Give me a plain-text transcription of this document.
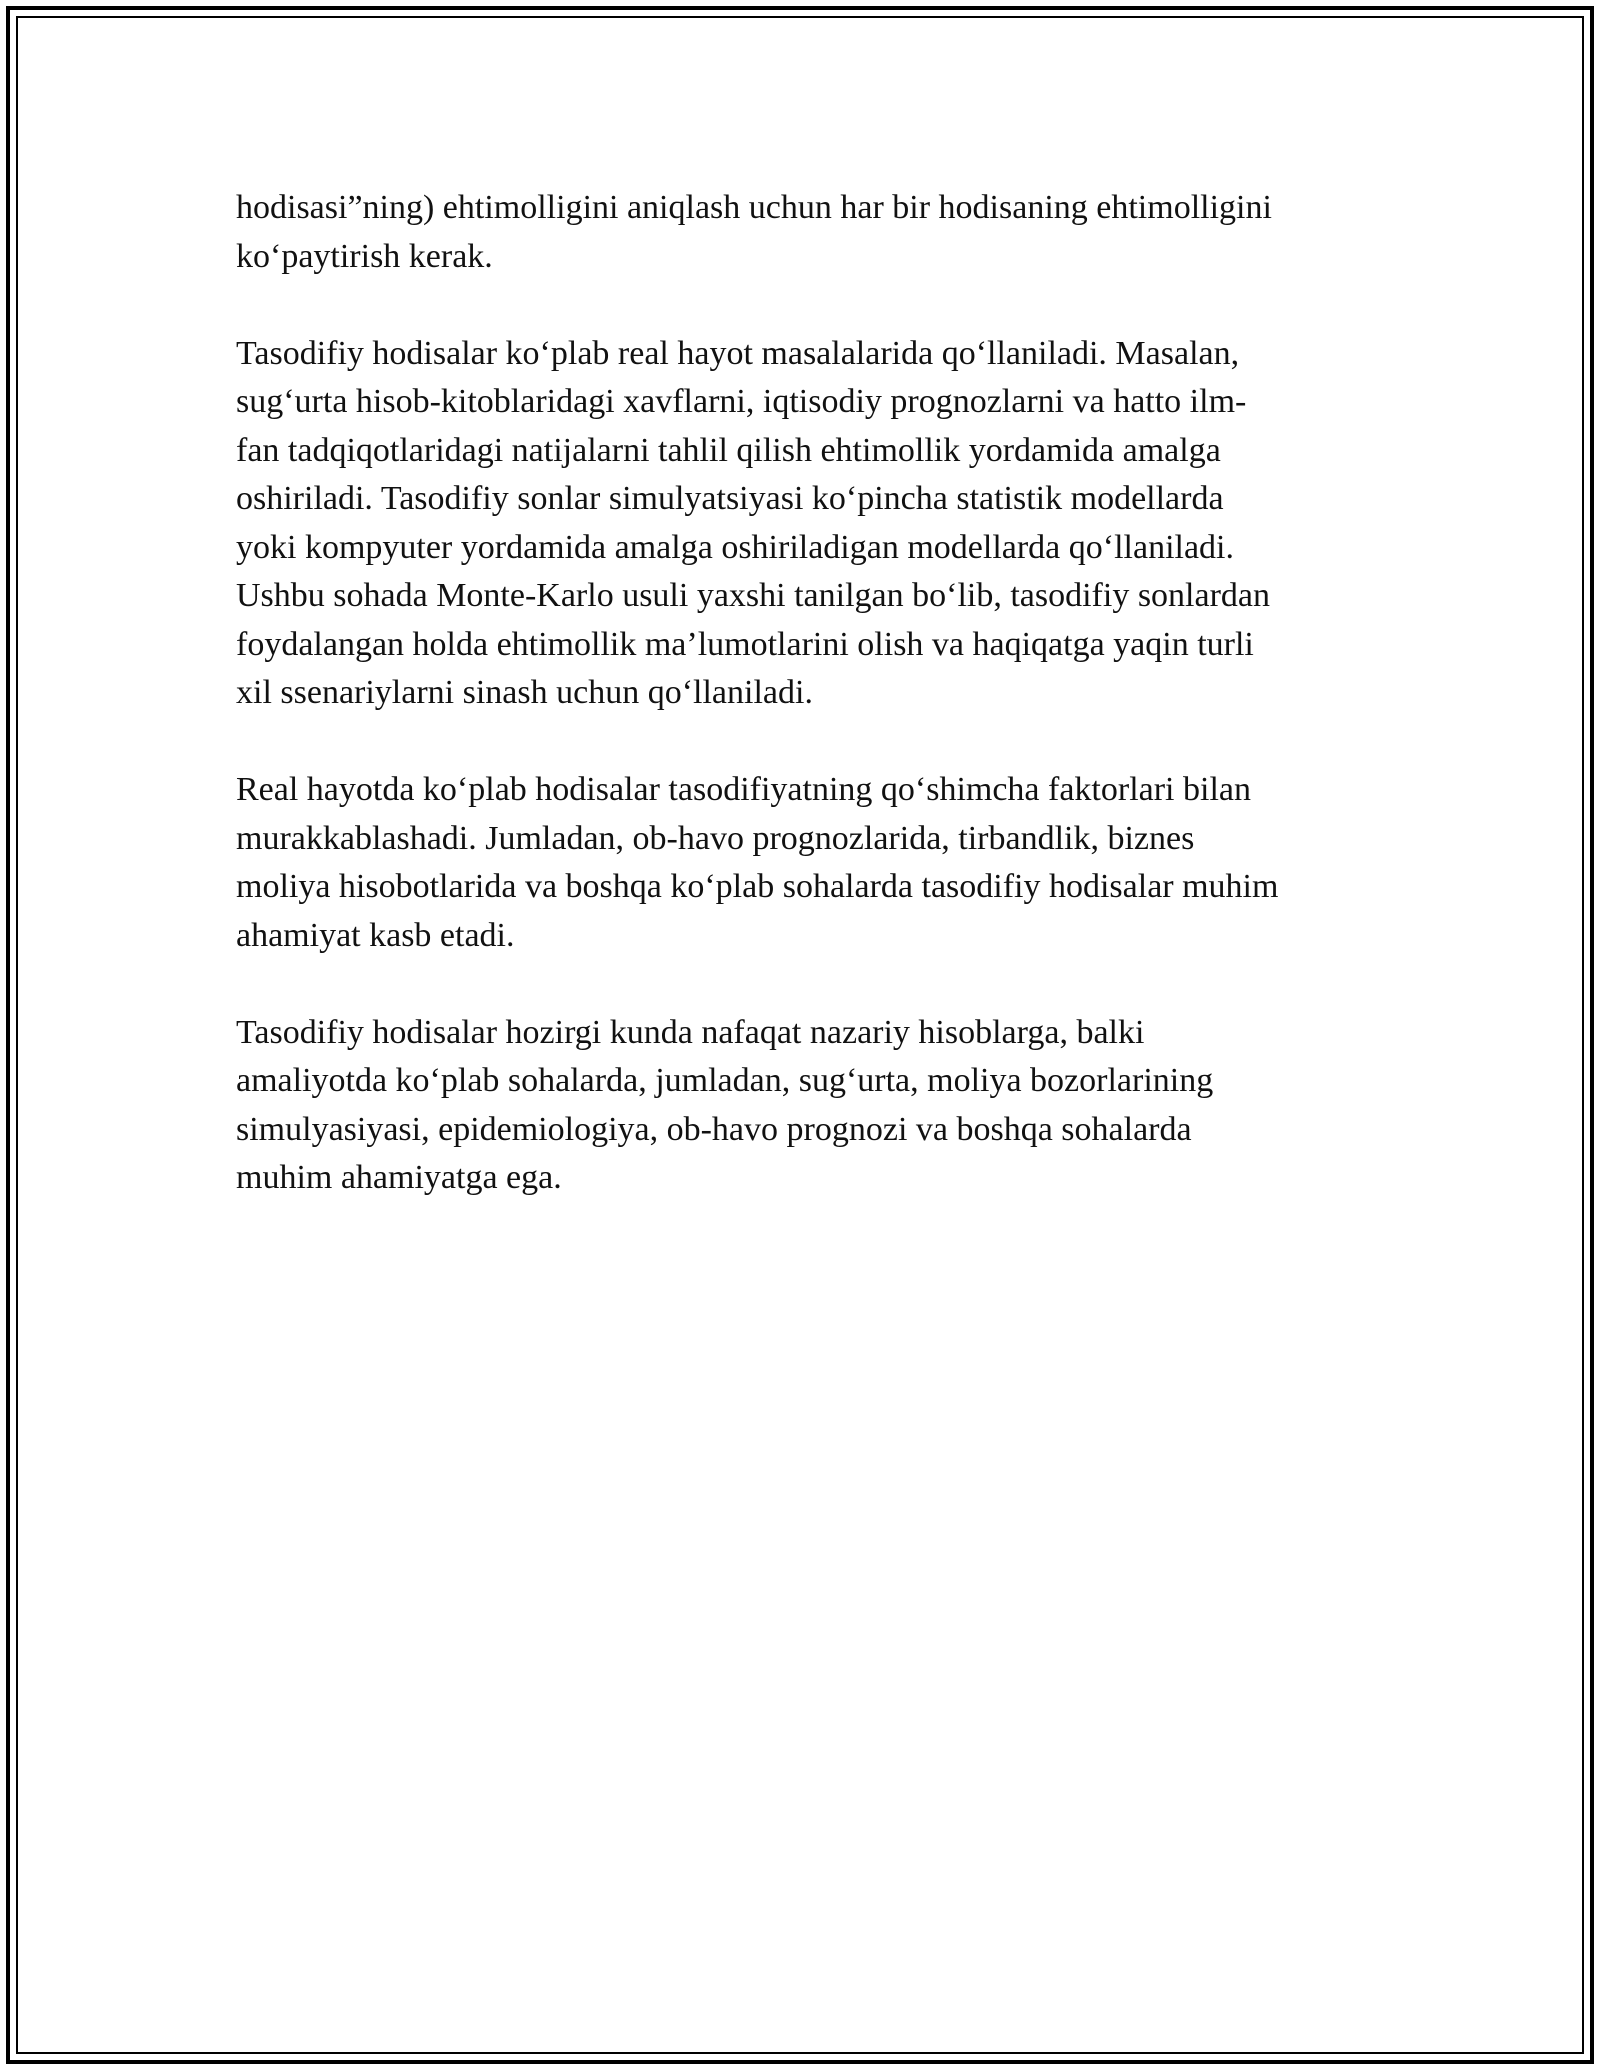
hodisasi”ning) ehtimolligini aniqlash uchun har bir hodisaning ehtimolligini
ko‘paytirish kerak.

Tasodifiy hodisalar ko‘plab real hayot masalalarida qo‘llaniladi. Masalan,
sug‘urta hisob-kitoblaridagi xavflarni, iqtisodiy prognozlarni va hatto ilm-
fan tadqiqotlaridagi natijalarni tahlil qilish ehtimollik yordamida amalga
oshiriladi. Tasodifiy sonlar simulyatsiyasi ko‘pincha statistik modellarda
yoki kompyuter yordamida amalga oshiriladigan modellarda qo‘llaniladi.
Ushbu sohada Monte-Karlo usuli yaxshi tanilgan bo‘lib, tasodifiy sonlardan
foydalangan holda ehtimollik ma’lumotlarini olish va haqiqatga yaqin turli
xil ssenariylarni sinash uchun qo‘llaniladi.

Real hayotda ko‘plab hodisalar tasodifiyatning qo‘shimcha faktorlari bilan
murakkablashadi. Jumladan, ob-havo prognozlarida, tirbandlik, biznes
moliya hisobotlarida va boshqa ko‘plab sohalarda tasodifiy hodisalar muhim
ahamiyat kasb etadi.

Tasodifiy hodisalar hozirgi kunda nafaqat nazariy hisoblarga, balki
amaliyotda ko‘plab sohalarda, jumladan, sug‘urta, moliya bozorlarining
simulyasiyasi, epidemiologiya, ob-havo prognozi va boshqa sohalarda
muhim ahamiyatga ega.
